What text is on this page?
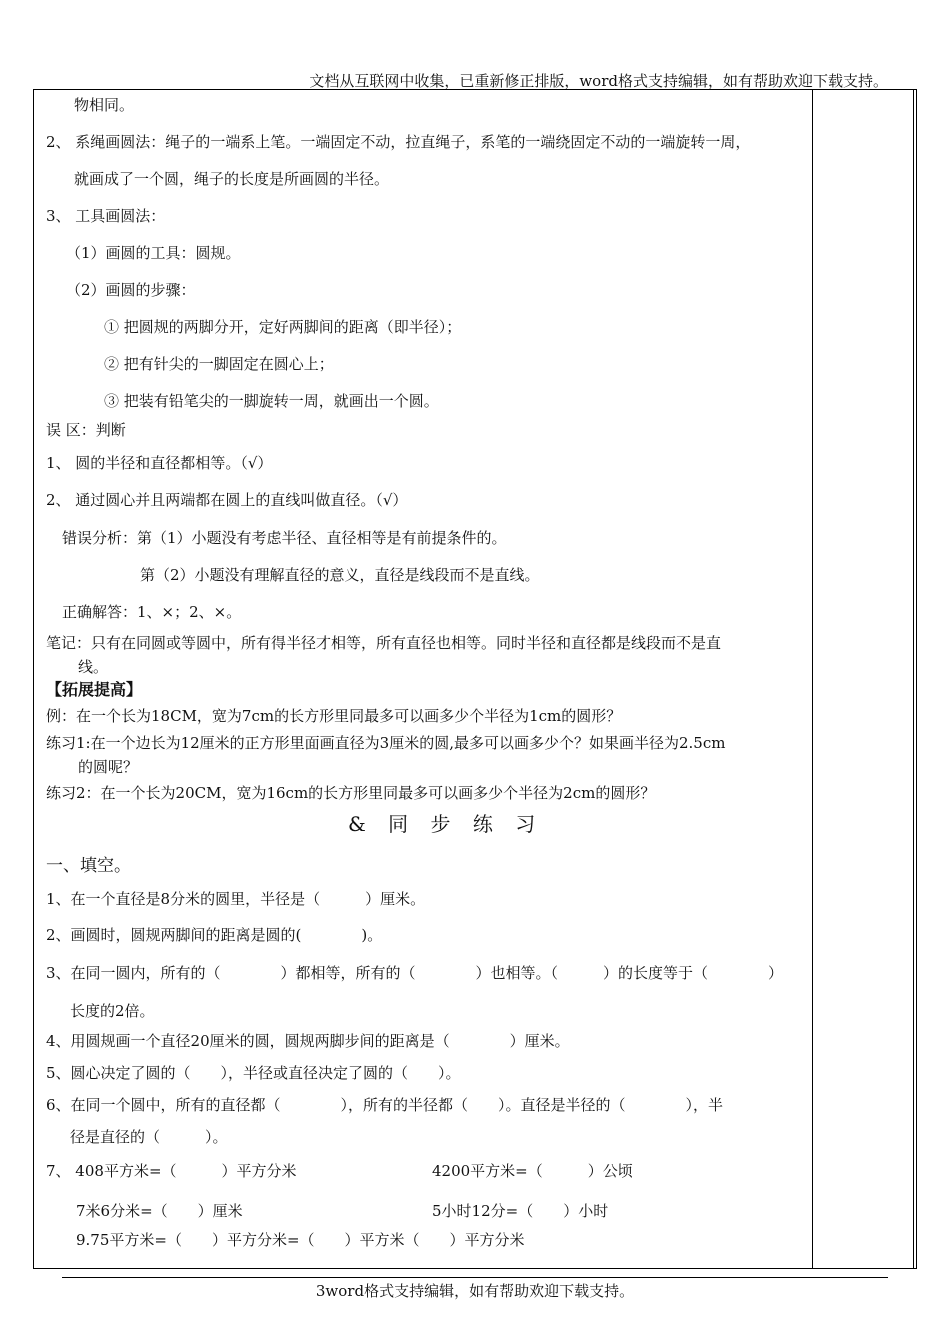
文档从互联网中收集，已重新修正排版，word格式支持编辑，如有帮助欢迎下载支持。
物相同。
2、 系绳画圆法：绳子的一端系上笔。一端固定不动，拉直绳子，系笔的一端绕固定不动的一端旋转一周，
就画成了一个圆，绳子的长度是所画圆的半径。
3、 工具画圆法：
（1）画圆的工具：圆规。
（2）画圆的步骤：
① 把圆规的两脚分开，定好两脚间的距离（即半径）；
② 把有针尖的一脚固定在圆心上；
③ 把装有铅笔尖的一脚旋转一周，就画出一个圆。
误 区：判断
1、 圆的半径和直径都相等。（√）
2、 通过圆心并且两端都在圆上的直线叫做直径。（√）
错误分析：第（1）小题没有考虑半径、直径相等是有前提条件的。
第（2）小题没有理解直径的意义，直径是线段而不是直线。
正确解答：1、×；2、×。
笔记：只有在同圆或等圆中，所有得半径才相等，所有直径也相等。同时半径和直径都是线段而不是直
线。
【拓展提高】
例：在一个长为18CM，宽为7cm的长方形里同最多可以画多少个半径为1cm的圆形？
练习1:在一个边长为12厘米的正方形里面画直径为3厘米的圆,最多可以画多少个？如果画半径为2.5cm
的圆呢？
练习2：在一个长为20CM，宽为16cm的长方形里同最多可以画多少个半径为2cm的圆形？
& 同 步 练 习
一、填空。
1、在一个直径是8分米的圆里，半径是（　　　）厘米。
2、画圆时，圆规两脚间的距离是圆的(　　　　)。
3、在同一圆内，所有的（　　　　）都相等，所有的（　　　　）也相等。（　　　）的长度等于（　　　　）
长度的2倍。
4、用圆规画一个直径20厘米的圆，圆规两脚步间的距离是（　　　　）厘米。
5、圆心决定了圆的（　　），半径或直径决定了圆的（　　）。
6、在同一个圆中，所有的直径都（　　　　），所有的半径都（　　）。直径是半径的（　　　　），半
径是直径的（　　　）。
7、 408平方米=（　　　）平方分米	4200平方米=（　　　）公顷
7米6分米=（　　）厘米	5小时12分=（　　）小时
9.75平方米=（　　）平方分米=（　　）平方米（　　）平方分米
3word格式支持编辑，如有帮助欢迎下载支持。
